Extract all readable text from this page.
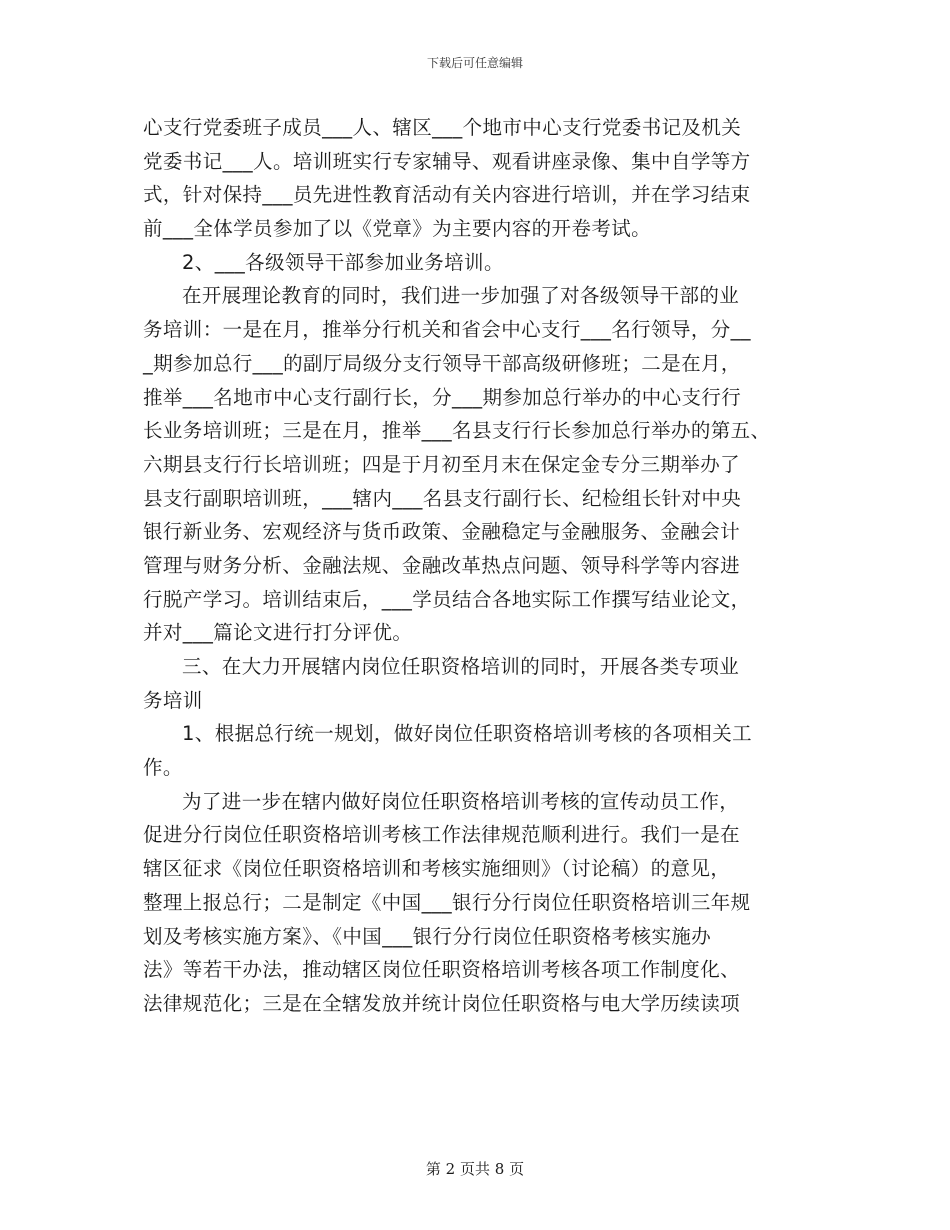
下载后可任意编辑
心支行党委班子成员___人、辖区___个地市中心支行党委书记及机关
党委书记___人。培训班实行专家辅导、观看讲座录像、集中自学等方
式，针对保持___员先进性教育活动有关内容进行培训，并在学习结束
前___全体学员参加了以《党章》为主要内容的开卷考试。
2、___各级领导干部参加业务培训。
在开展理论教育的同时，我们进一步加强了对各级领导干部的业
务培训：一是在月，推举分行机关和省会中心支行___名行领导，分__
_期参加总行___的副厅局级分支行领导干部高级研修班；二是在月，
推举___名地市中心支行副行长，分___期参加总行举办的中心支行行
长业务培训班；三是在月，推举___名县支行行长参加总行举办的第五、
六期县支行行长培训班；四是于月初至月末在保定金专分三期举办了
县支行副职培训班，___辖内___名县支行副行长、纪检组长针对中央
银行新业务、宏观经济与货币政策、金融稳定与金融服务、金融会计
管理与财务分析、金融法规、金融改革热点问题、领导科学等内容进
行脱产学习。培训结束后，___学员结合各地实际工作撰写结业论文，
并对___篇论文进行打分评优。
三、在大力开展辖内岗位任职资格培训的同时，开展各类专项业
务培训
1、根据总行统一规划，做好岗位任职资格培训考核的各项相关工
作。
为了进一步在辖内做好岗位任职资格培训考核的宣传动员工作，
促进分行岗位任职资格培训考核工作法律规范顺利进行。我们一是在
辖区征求《岗位任职资格培训和考核实施细则》（讨论稿）的意见，
整理上报总行；二是制定《中国___银行分行岗位任职资格培训三年规
划及考核实施方案》、《中国___银行分行岗位任职资格考核实施办
法》等若干办法，推动辖区岗位任职资格培训考核各项工作制度化、
法律规范化；三是在全辖发放并统计岗位任职资格与电大学历续读项
第 2 页共 8 页
